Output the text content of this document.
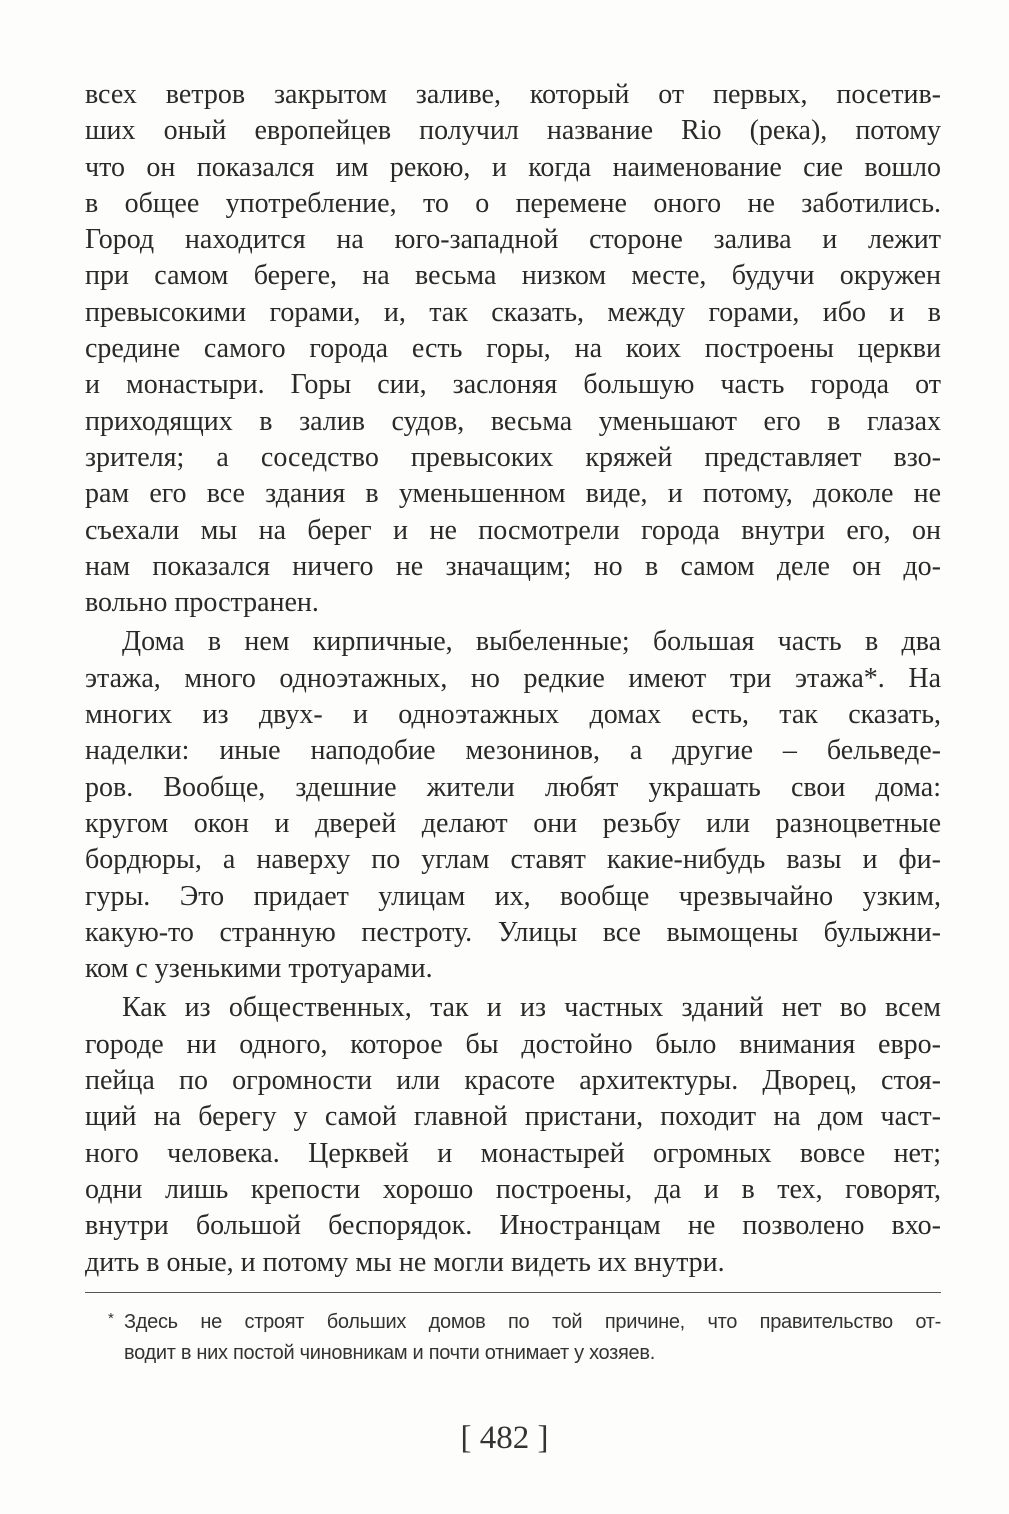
всех ветров закрытом заливе, который от первых, посетив-
ших оный европейцев получил название Rio (река), потому
что он показался им рекою, и когда наименование сие вошло
в общее употребление, то о перемене оного не заботились.
Город находится на юго-западной стороне залива и лежит
при самом береге, на весьма низком месте, будучи окружен
превысокими горами, и, так сказать, между горами, ибо и в
средине самого города есть горы, на коих построены церкви
и монастыри. Горы сии, заслоняя большую часть города от
приходящих в залив судов, весьма уменьшают его в глазах
зрителя; а соседство превысоких кряжей представляет взо-
рам его все здания в уменьшенном виде, и потому, доколе не
съехали мы на берег и не посмотрели города внутри его, он
нам показался ничего не значащим; но в самом деле он до-
вольно пространен.
Дома в нем кирпичные, выбеленные; большая часть в два
этажа, много одноэтажных, но редкие имеют три этажа*. На
многих из двух- и одноэтажных домах есть, так сказать,
наделки: иные наподобие мезонинов, а другие – бельведе-
ров. Вообще, здешние жители любят украшать свои дома:
кругом окон и дверей делают они резьбу или разноцветные
бордюры, а наверху по углам ставят какие-нибудь вазы и фи-
гуры. Это придает улицам их, вообще чрезвычайно узким,
какую-то странную пестроту. Улицы все вымощены булыжни-
ком с узенькими тротуарами.
Как из общественных, так и из частных зданий нет во всем
городе ни одного, которое бы достойно было внимания евро-
пейца по огромности или красоте архитектуры. Дворец, стоя-
щий на берегу у самой главной пристани, походит на дом част-
ного человека. Церквей и монастырей огромных вовсе нет;
одни лишь крепости хорошо построены, да и в тех, говорят,
внутри большой беспорядок. Иностранцам не позволено вхо-
дить в оные, и потому мы не могли видеть их внутри.
* Здесь не строят больших домов по той причине, что правительство от-
водит в них постой чиновникам и почти отнимает у хозяев.
[ 482 ]
